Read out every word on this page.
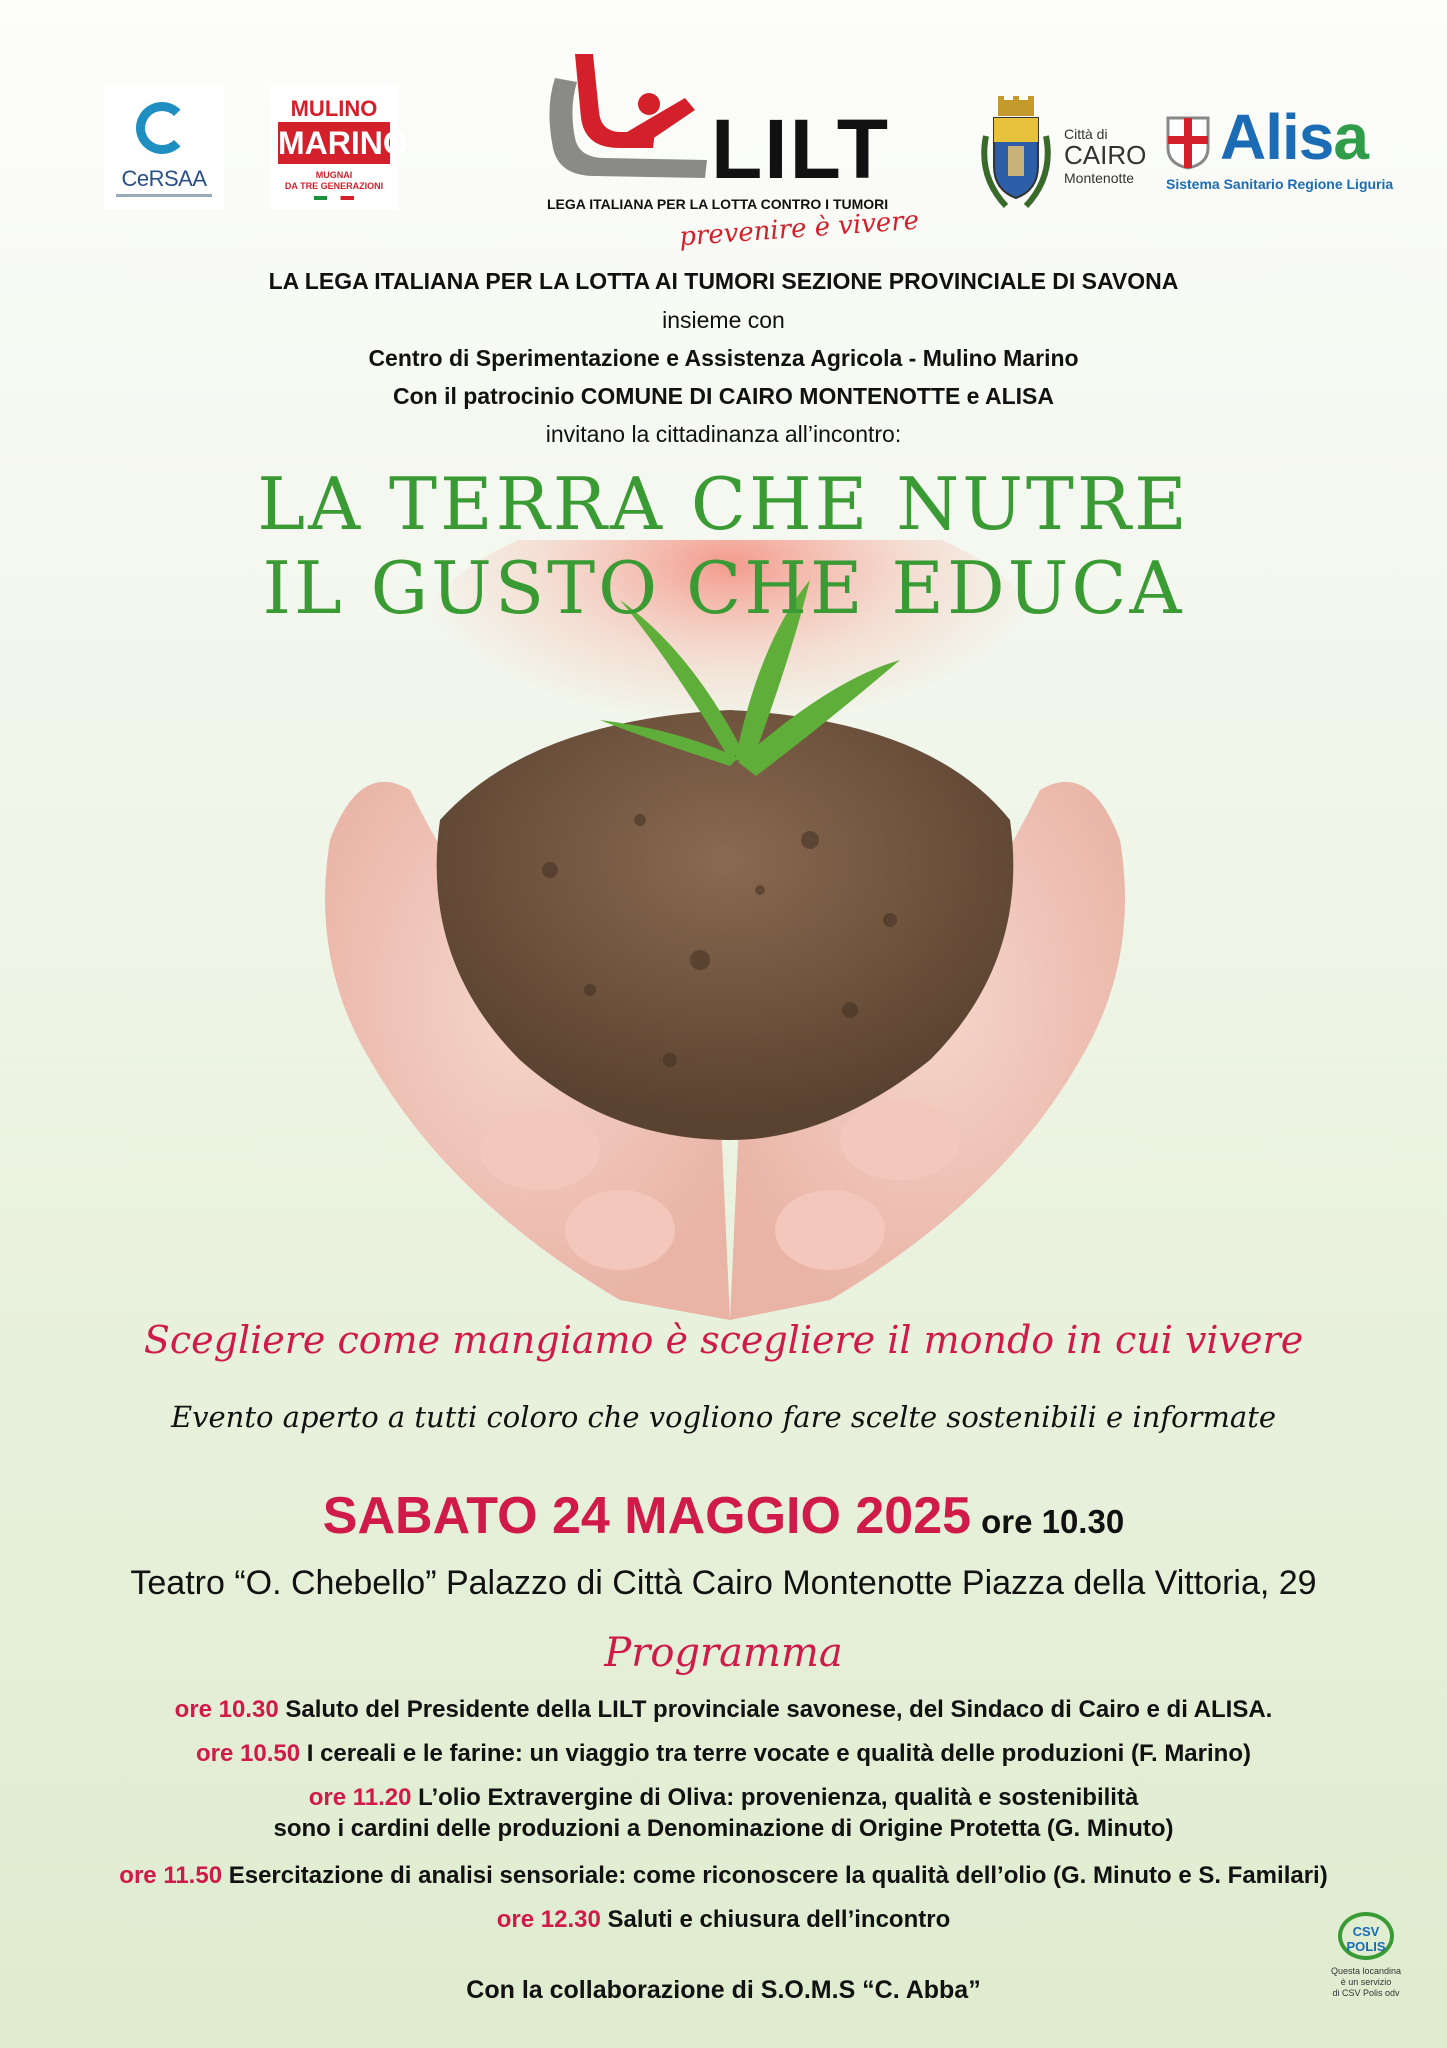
CeRSAA
MULINO
MARINO
MUGNAI
DA TRE GENERAZIONI	LILT
LEGA ITALIANA PER LA LOTTA CONTRO I TUMORI
prevenire è vivere
Città di
CAIRO
Montenotte
Alisa
Sistema Sanitario Regione Liguria
LA LEGA ITALIANA PER LA LOTTA AI TUMORI SEZIONE PROVINCIALE DI SAVONA
insieme con
Centro di Sperimentazione e Assistenza Agricola - Mulino Marino
Con il patrocinio COMUNE DI CAIRO MONTENOTTE e ALISA
invitano la cittadinanza all’incontro:
LA TERRA CHE NUTRE
IL GUSTO CHE EDUCA
Scegliere come mangiamo è scegliere il mondo in cui vivere
Evento aperto a tutti coloro che vogliono fare scelte sostenibili e informate
SABATO 24 MAGGIO 2025 ore 10.30
Teatro “O. Chebello” Palazzo di Città Cairo Montenotte Piazza della Vittoria, 29
Programma
ore 10.30 Saluto del Presidente della LILT provinciale savonese, del Sindaco di Cairo e di ALISA.
ore 10.50 I cereali e le farine: un viaggio tra terre vocate e qualità delle produzioni (F. Marino)
ore 11.20 L’olio Extravergine di Oliva: provenienza, qualità e sostenibilità
sono i cardini delle produzioni a Denominazione di Origine Protetta (G. Minuto)
ore 11.50 Esercitazione di analisi sensoriale: come riconoscere la qualità dell’olio (G. Minuto e S. Familari)
ore 12.30 Saluti e chiusura dell’incontro
Con la collaborazione di S.O.M.S “C. Abba”
CSV POLIS
Questa locandina
è un servizio
di CSV Polis odv
